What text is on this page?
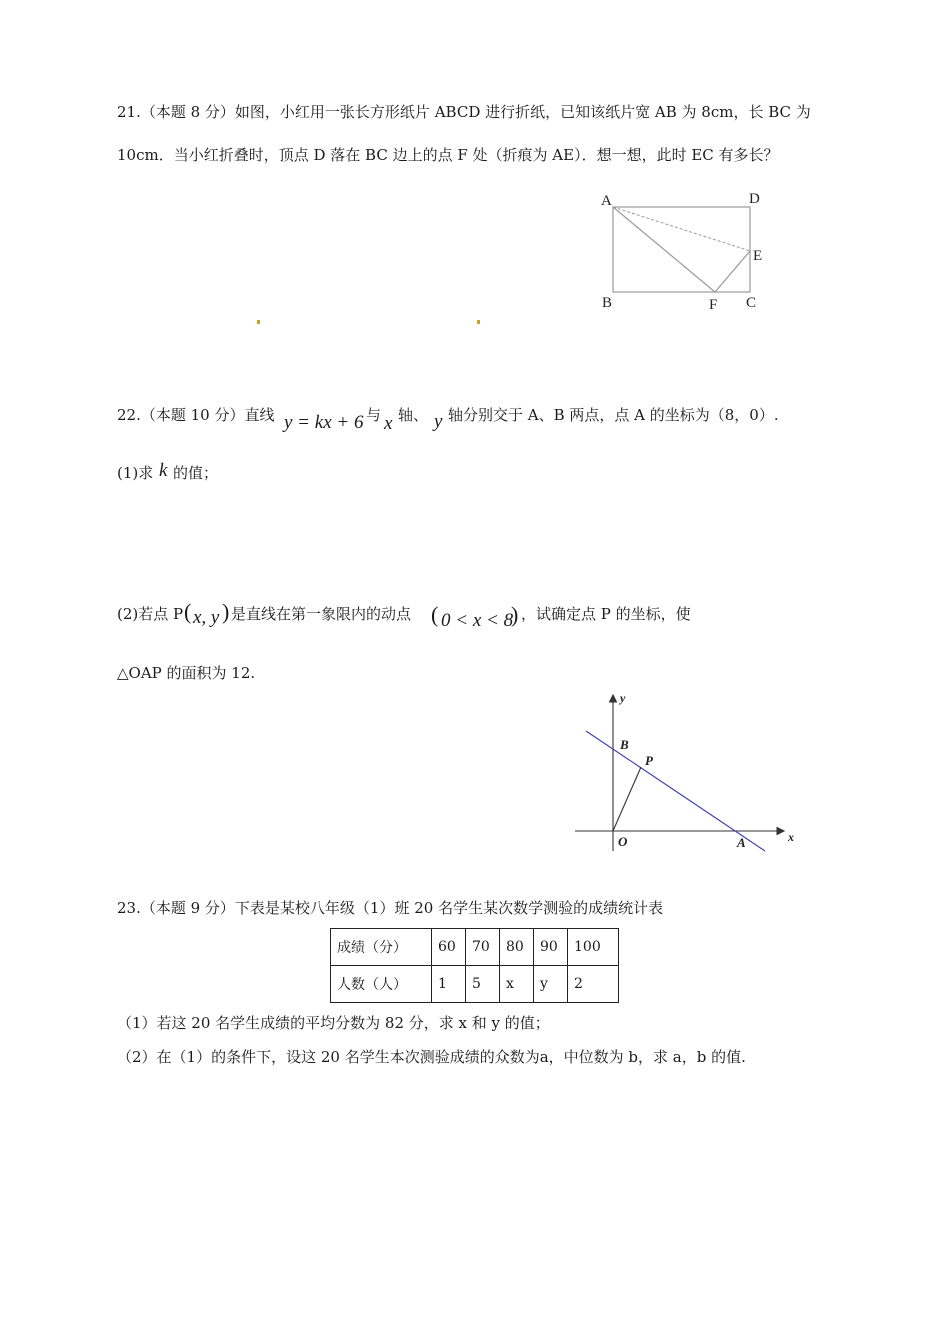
21.（本题 8 分）如图，小红用一张长方形纸片 ABCD 进行折纸，已知该纸片宽 AB 为 8cm，长 BC 为
10cm．当小红折叠时，顶点 D 落在 BC 边上的点 F 处（折痕为 AE）．想一想，此时 EC 有多长？
A	D
E
B	F C
22.（本题 10 分）直线 y = kx + 6 与 x 轴、 y 轴分别交于 A、B 两点，点 A 的坐标为（8，0）.
(1)求 k 的值；
(2)若点 P ( x, y ) 是直线在第一象限内的动点 ( 0 < x < 8
) ，试确定点 P 的坐标，使
△OAP 的面积为 12.
y
x
O	A
B
P
23.（本题 9 分）下表是某校八年级（1）班 20 名学生某次数学测验的成绩统计表
成绩（分）	60	70	80	90	100
人数（人）	1	5	x	y	2
（1）若这 20 名学生成绩的平均分数为 82 分，求 x 和 y 的值；
（2）在（1）的条件下，设这 20 名学生本次测验成绩的众数为a，中位数为 b，求 a，b 的值.
